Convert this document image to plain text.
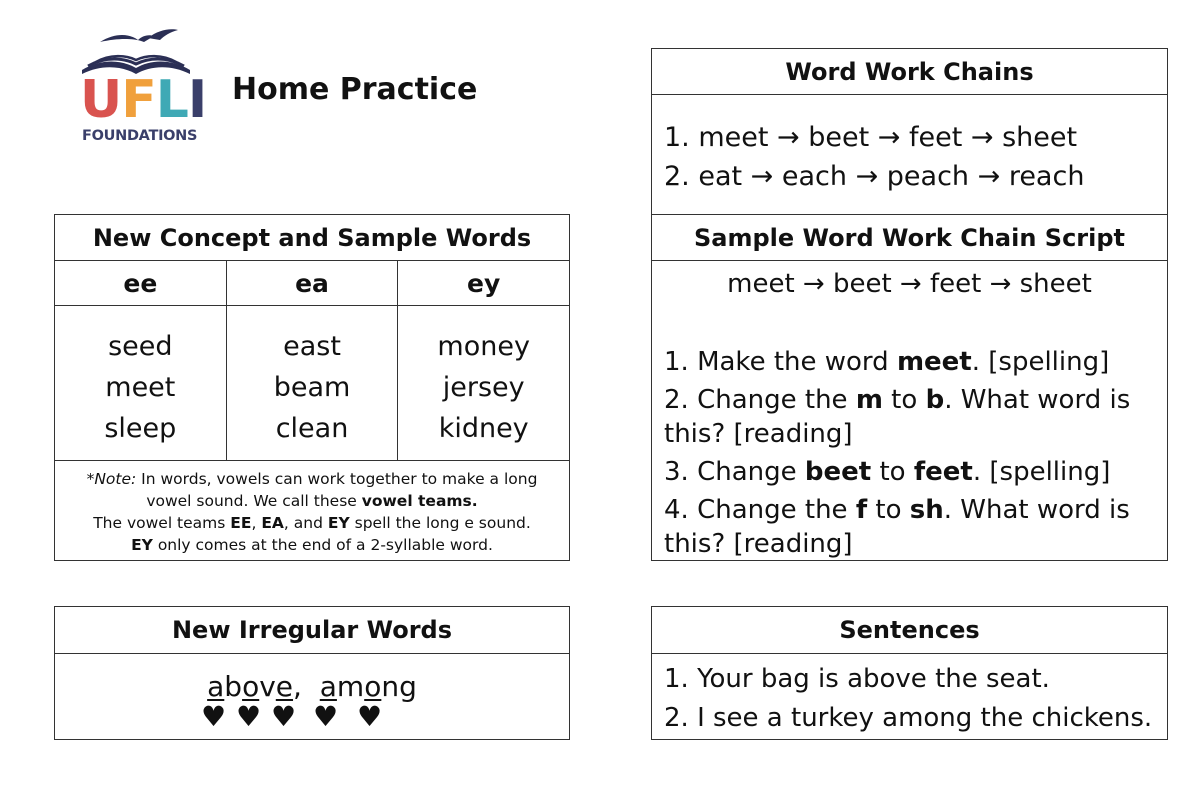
UFLI
FOUNDATIONS
Home Practice
New Concept and Sample Words
ee	ea	ey
seed
meet
sleep
east
beam
clean
money
jersey
kidney
*Note: In words, vowels can work together to make a long
vowel sound. We call these vowel teams.
The vowel teams EE, EA, and EY spell the long e sound.
EY only comes at the end of a 2-syllable word.
New Irregular Words
above, among
♥ ♥ ♥ ♥ ♥
Word Work Chains
1. meet → beet → feet → sheet
2. eat → each → peach → reach
Sample Word Work Chain Script
meet → beet → feet → sheet

1. Make the word meet. [spelling]

2. Change the m to b. What word is this? [reading]

3. Change beet to feet. [spelling]

4. Change the f to sh. What word is this? [reading]

Sentences
1. Your bag is above the seat.
2. I see a turkey among the chickens.
